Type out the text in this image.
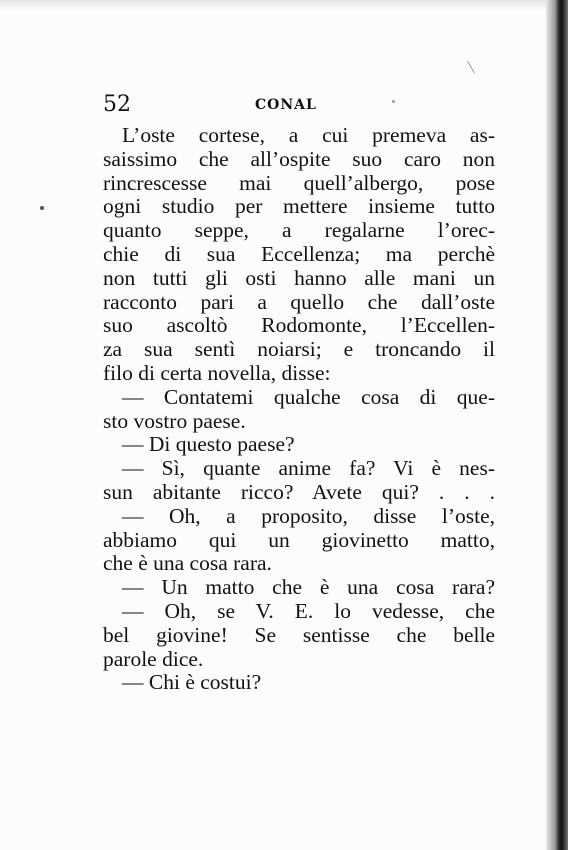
52	CONAL
L’oste cortese, a cui premeva as-
saissimo che all’ospite suo caro non
rincrescesse mai quell’albergo, pose
ogni studio per mettere insieme tutto
quanto seppe, a regalarne l’orec-
chie di sua Eccellenza; ma perchè
non tutti gli osti hanno alle mani un
racconto pari a quello che dall’oste
suo ascoltò Rodomonte, l’Eccellen-
za sua sentì noiarsi; e troncando il
filo di certa novella, disse:
— Contatemi qualche cosa di que-
sto vostro paese.
— Di questo paese?
— Sì, quante anime fa? Vi è nes-
sun abitante ricco? Avete qui? . . .
— Oh, a proposito, disse l’oste,
abbiamo qui un giovinetto matto,
che è una cosa rara.
— Un matto che è una cosa rara?
— Oh, se V. E. lo vedesse, che
bel giovine! Se sentisse che belle
parole dice.
— Chi è costui?
